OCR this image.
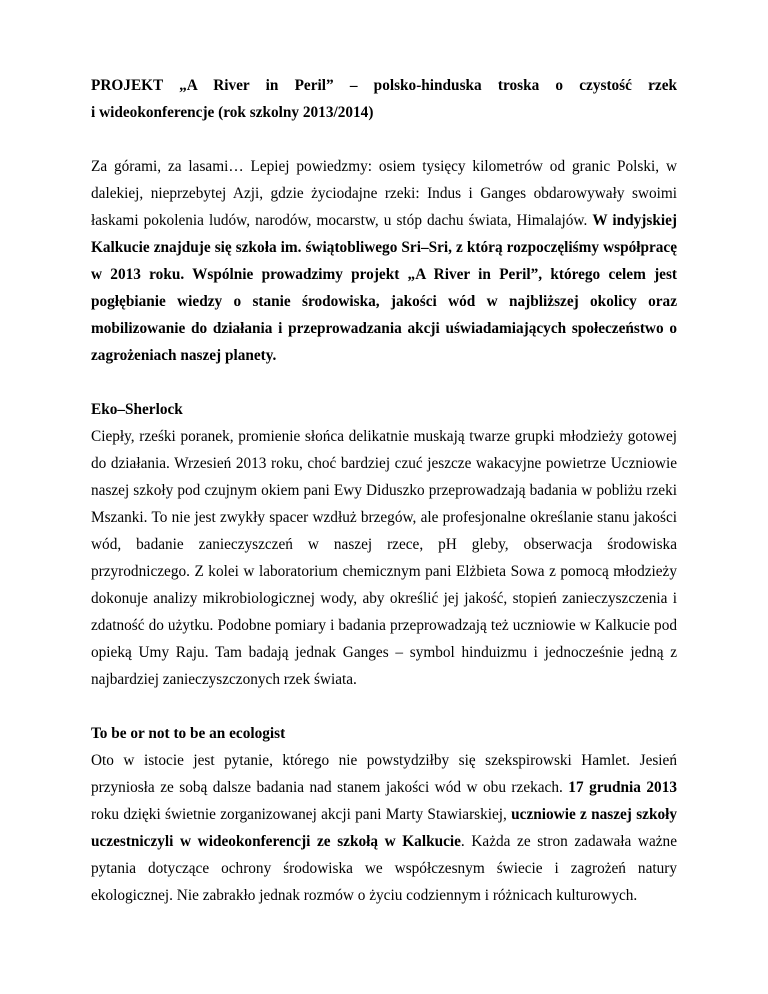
PROJEKT „A River in Peril” – polsko-hinduska troska o czystość rzek
i wideokonferencje (rok szkolny 2013/2014)

Za górami, za lasami… Lepiej powiedzmy: osiem tysięcy kilometrów od granic Polski, w dalekiej, nieprzebytej Azji, gdzie życiodajne rzeki: Indus i Ganges obdarowywały swoimi łaskami pokolenia ludów, narodów, mocarstw, u stóp dachu świata, Himalajów. W indyjskiej Kalkucie znajduje się szkoła im. świątobliwego Sri–Sri, z którą rozpoczęliśmy współpracę w 2013 roku. Wspólnie prowadzimy projekt „A River in Peril”, którego celem jest pogłębianie wiedzy o stanie środowiska, jakości wód w najbliższej okolicy oraz mobilizowanie do działania i przeprowadzania akcji uświadamiających społeczeństwo o zagrożeniach naszej planety.

Eko–Sherlock

Ciepły, rześki poranek, promienie słońca delikatnie muskają twarze grupki młodzieży gotowej do działania. Wrzesień 2013 roku, choć bardziej czuć jeszcze wakacyjne powietrze Uczniowie naszej szkoły pod czujnym okiem pani Ewy Diduszko przeprowadzają badania w pobliżu rzeki Mszanki. To nie jest zwykły spacer wzdłuż brzegów, ale profesjonalne określanie stanu jakości wód, badanie zanieczyszczeń w naszej rzece, pH gleby, obserwacja środowiska przyrodniczego. Z kolei w laboratorium chemicznym pani Elżbieta Sowa z pomocą młodzieży dokonuje analizy mikrobiologicznej wody, aby określić jej jakość, stopień zanieczyszczenia i zdatność do użytku. Podobne pomiary i badania przeprowadzają też uczniowie w Kalkucie pod opieką Umy Raju. Tam badają jednak Ganges – symbol hinduizmu i jednocześnie jedną z najbardziej zanieczyszczonych rzek świata.

To be or not to be an ecologist

Oto w istocie jest pytanie, którego nie powstydziłby się szekspirowski Hamlet. Jesień przyniosła ze sobą dalsze badania nad stanem jakości wód w obu rzekach. 17 grudnia 2013 roku dzięki świetnie zorganizowanej akcji pani Marty Stawiarskiej, uczniowie z naszej szkoły uczestniczyli w wideokonferencji ze szkołą w Kalkucie. Każda ze stron zadawała ważne pytania dotyczące ochrony środowiska we współczesnym świecie i zagrożeń natury ekologicznej. Nie zabrakło jednak rozmów o życiu codziennym i różnicach kulturowych.
